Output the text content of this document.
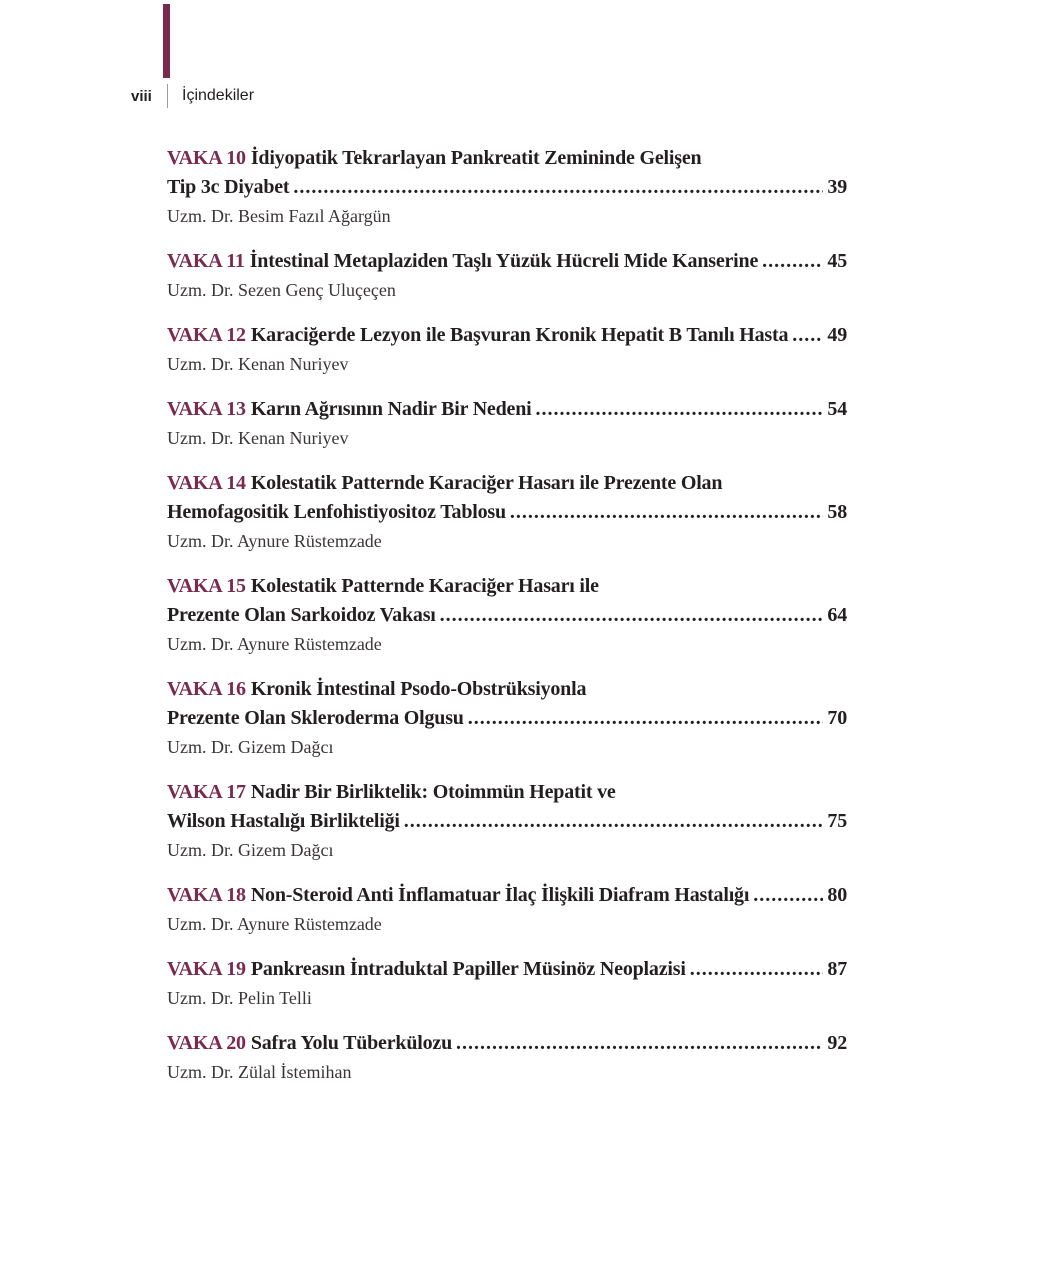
viii	İçindekiler
VAKA 10 İdiyopatik Tekrarlayan Pankreatit Zemininde Gelişen
Tip 3c Diyabet .....	39
Uzm. Dr. Besim Fazıl Ağargün
VAKA 11 İntestinal Metaplaziden Taşlı Yüzük Hücreli Mide Kanserine .....	45
Uzm. Dr. Sezen Genç Uluçeçen
VAKA 12 Karaciğerde Lezyon ile Başvuran Kronik Hepatit B Tanılı Hasta ..... 49
Uzm. Dr. Kenan Nuriyev
VAKA 13 Karın Ağrısının Nadir Bir Nedeni .....	54
Uzm. Dr. Kenan Nuriyev
VAKA 14 Kolestatik Patternde Karaciğer Hasarı ile Prezente Olan
Hemofagositik Lenfohistiyositoz Tablosu .....	58
Uzm. Dr. Aynure Rüstemzade
VAKA 15 Kolestatik Patternde Karaciğer Hasarı ile
Prezente Olan Sarkoidoz Vakası .....	64
Uzm. Dr. Aynure Rüstemzade
VAKA 16 Kronik İntestinal Psodo-Obstrüksiyonla
Prezente Olan Skleroderma Olgusu .....	70
Uzm. Dr. Gizem Dağcı
VAKA 17 Nadir Bir Birliktelik: Otoimmün Hepatit ve
Wilson Hastalığı Birlikteliği .....	75
Uzm. Dr. Gizem Dağcı
VAKA 18 Non-Steroid Anti İnflamatuar İlaç İlişkili Diafram Hastalığı .....	80
Uzm. Dr. Aynure Rüstemzade
VAKA 19 Pankreasın İntraduktal Papiller Müsinöz Neoplazisi .....	87
Uzm. Dr. Pelin Telli
VAKA 20 Safra Yolu Tüberkülozu .....	92
Uzm. Dr. Zülal İstemihan
